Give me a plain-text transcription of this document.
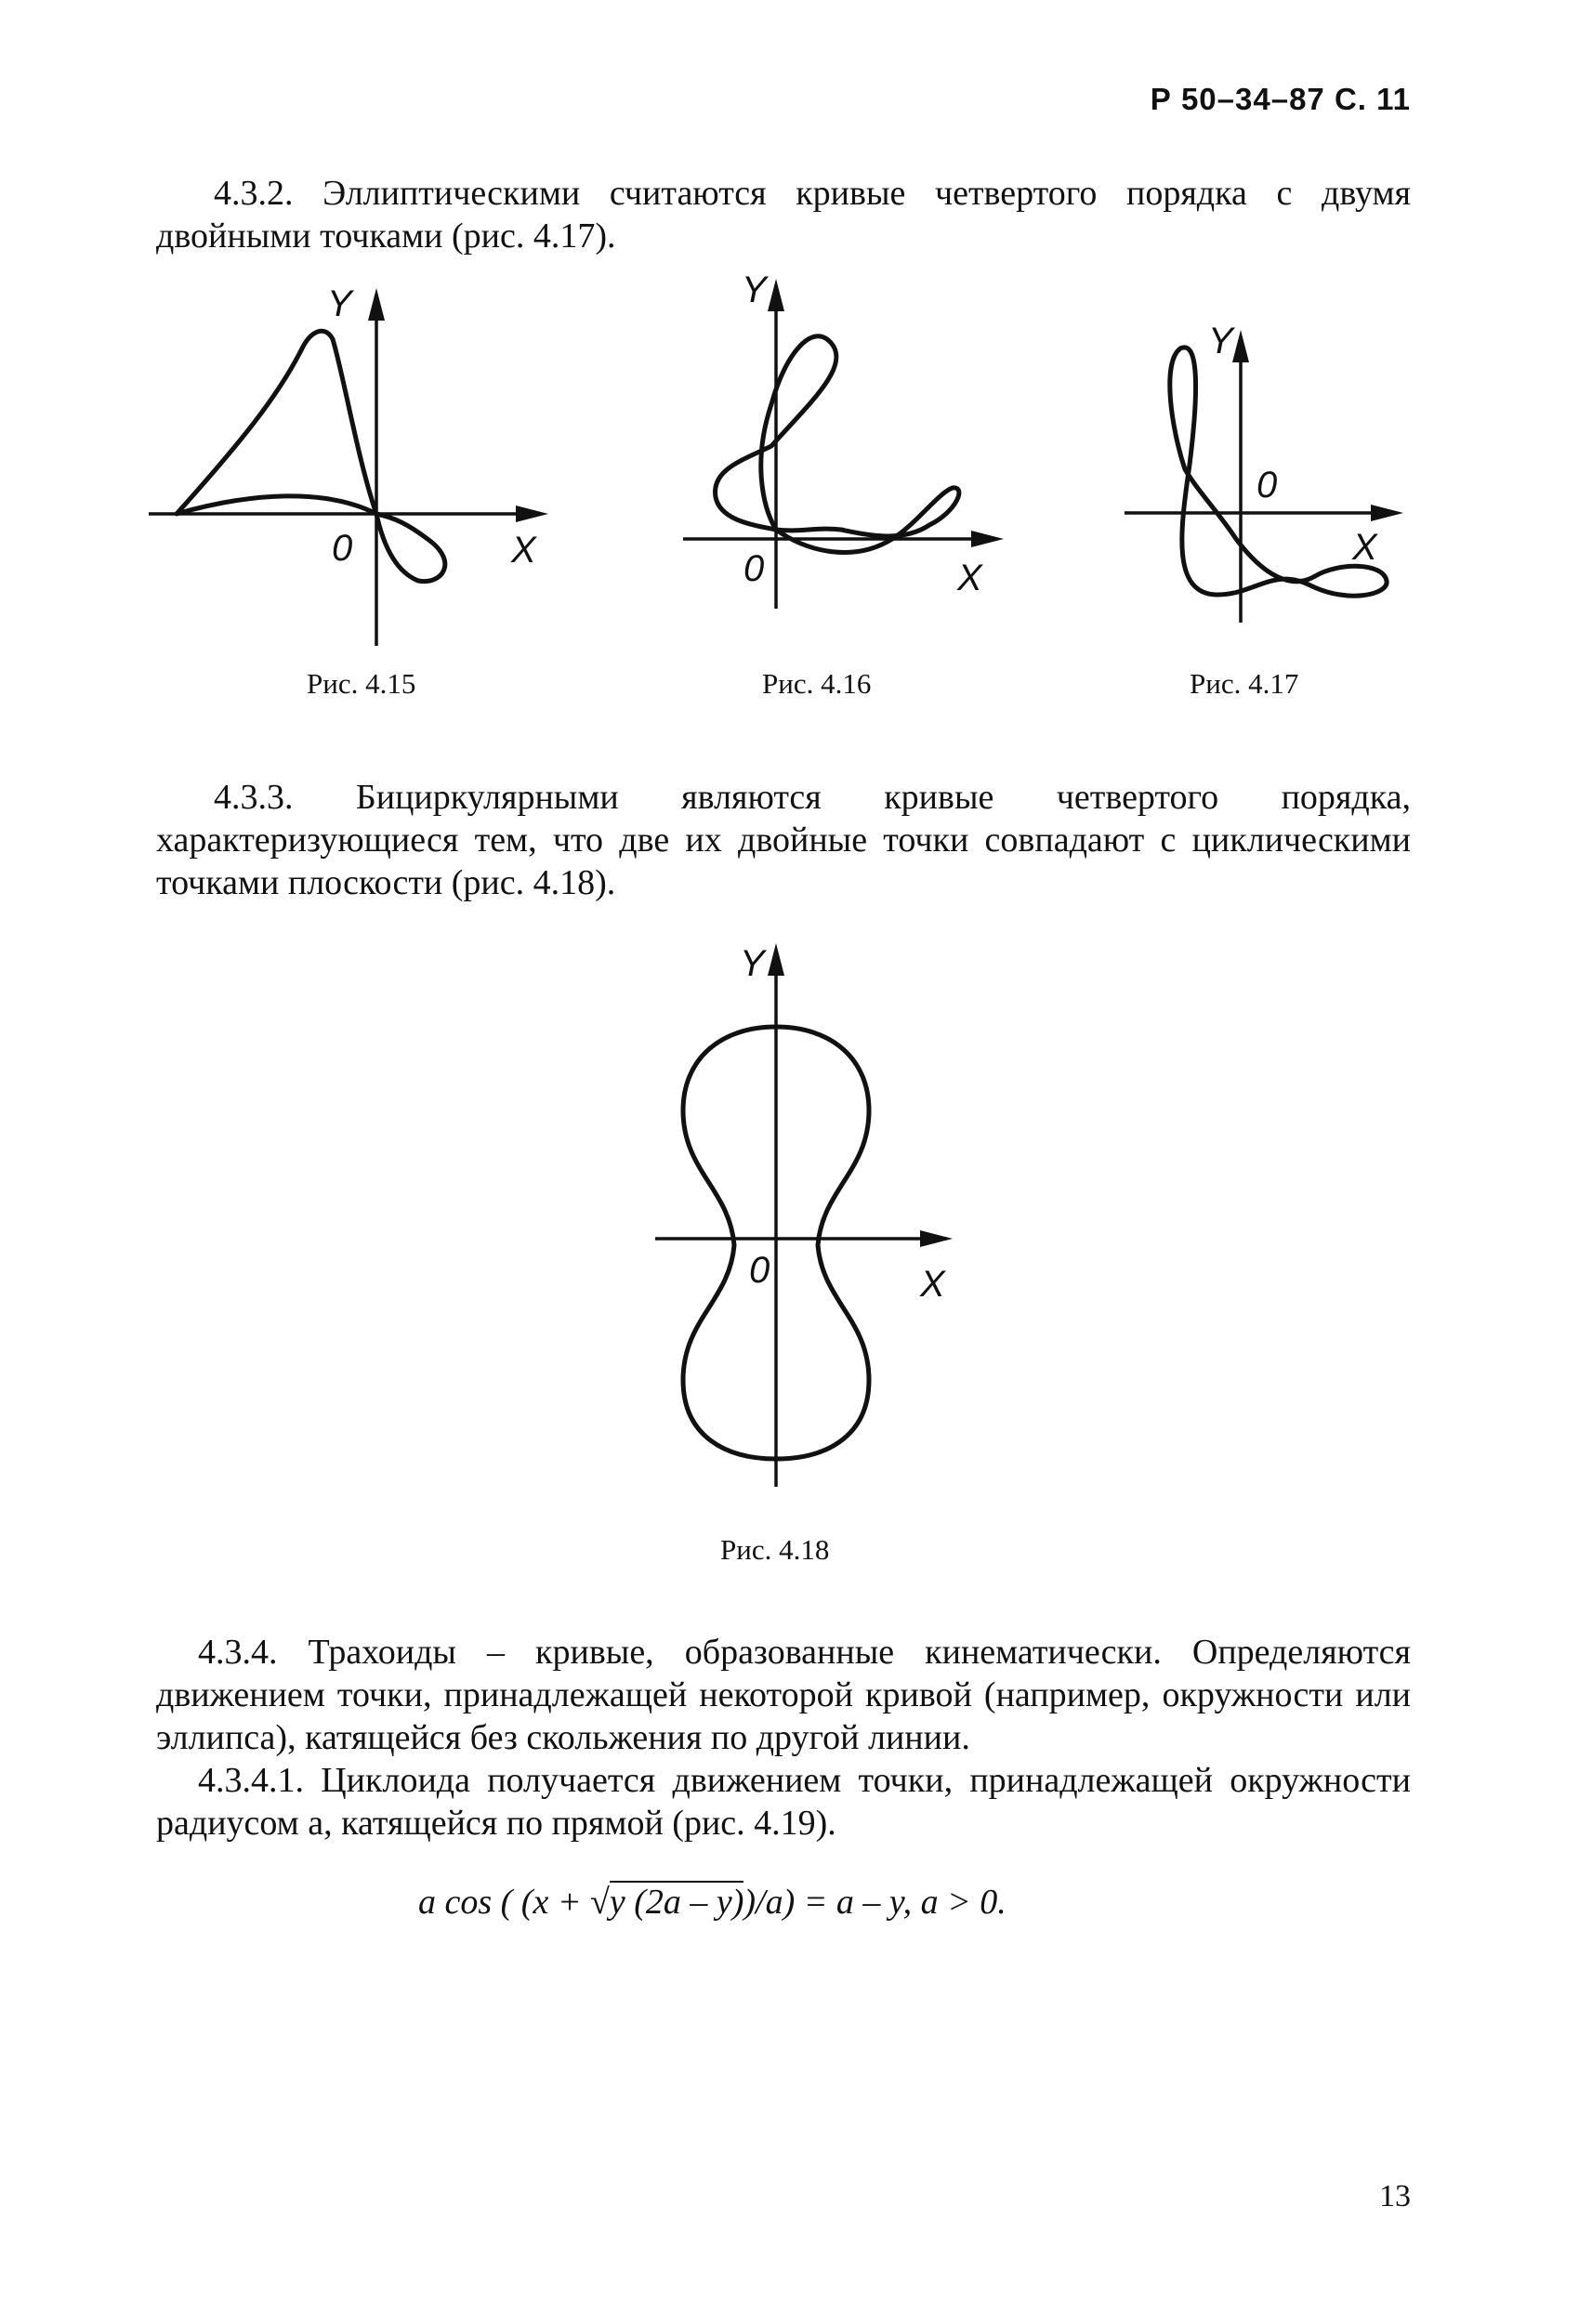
Р 50–34–87 С. 11
4.3.2. Эллиптическими считаются кривые четвертого порядка с двумя двойными точками (рис. 4.17).
Y
0	X
Рис. 4.15
Y
0	X
Рис. 4.16
Y
0
X
Рис. 4.17
4.3.3. Бициркулярными являются кривые четвертого порядка, характеризующиеся тем, что две их двойные точки совпадают с циклическими точками плоскости (рис. 4.18).
Y
0	X
Рис. 4.18
4.3.4. Трахоиды – кривые, образованные кинематически. Определяются движением точки, принадлежащей некоторой кривой (например, окружности или эллипса), катящейся без скольжения по другой линии.
4.3.4.1. Циклоида получается движением точки, принадлежащей окружности радиусом a, катящейся по прямой (рис. 4.19).
a cos ( (x + √y (2a – y))/a) = a – y, a > 0.
13
